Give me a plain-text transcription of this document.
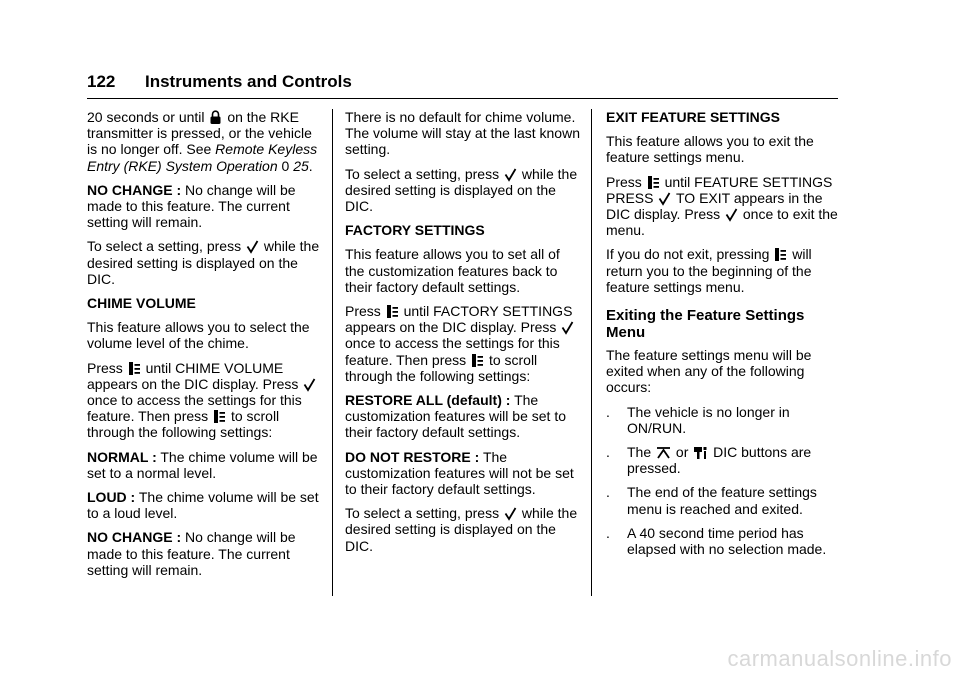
122 Instruments and Controls

20 seconds or until on the RKE transmitter is pressed, or the vehicle is no longer off. See Remote Keyless Entry (RKE) System Operation 0 25.

NO CHANGE : No change will be made to this feature. The current setting will remain.

To select a setting, press while the desired setting is displayed on the DIC.

CHIME VOLUME

This feature allows you to select the volume level of the chime.

Press until CHIME VOLUME appears on the DIC display. Press  once to access the settings for this feature. Then press to scroll through the following settings:

NORMAL : The chime volume will be set to a normal level.

LOUD : The chime volume will be set to a loud level.

NO CHANGE : No change will be made to this feature. The current setting will remain.

There is no default for chime volume. The volume will stay at the last known setting.

To select a setting, press while the desired setting is displayed on the DIC.

FACTORY SETTINGS

This feature allows you to set all of the customization features back to their factory default settings.

Press until FACTORY SETTINGS appears on the DIC display. Press  once to access the settings for this feature. Then press to scroll through the following settings:

RESTORE ALL (default) : The customization features will be set to their factory default settings.

DO NOT RESTORE : The customization features will not be set to their factory default settings.

To select a setting, press while the desired setting is displayed on the DIC.

EXIT FEATURE SETTINGS

This feature allows you to exit the feature settings menu.

Press until FEATURE SETTINGS PRESS TO EXIT appears in the DIC display. Press once to exit the menu.

If you do not exit, pressing will return you to the beginning of the feature settings menu.

Exiting the Feature Settings Menu

The feature settings menu will be exited when any of the following occurs:

. The vehicle is no longer in ON/RUN.
. The or DIC buttons are pressed.
. The end of the feature settings menu is reached and exited.
. A 40 second time period has elapsed with no selection made.
carmanualsonline.info
